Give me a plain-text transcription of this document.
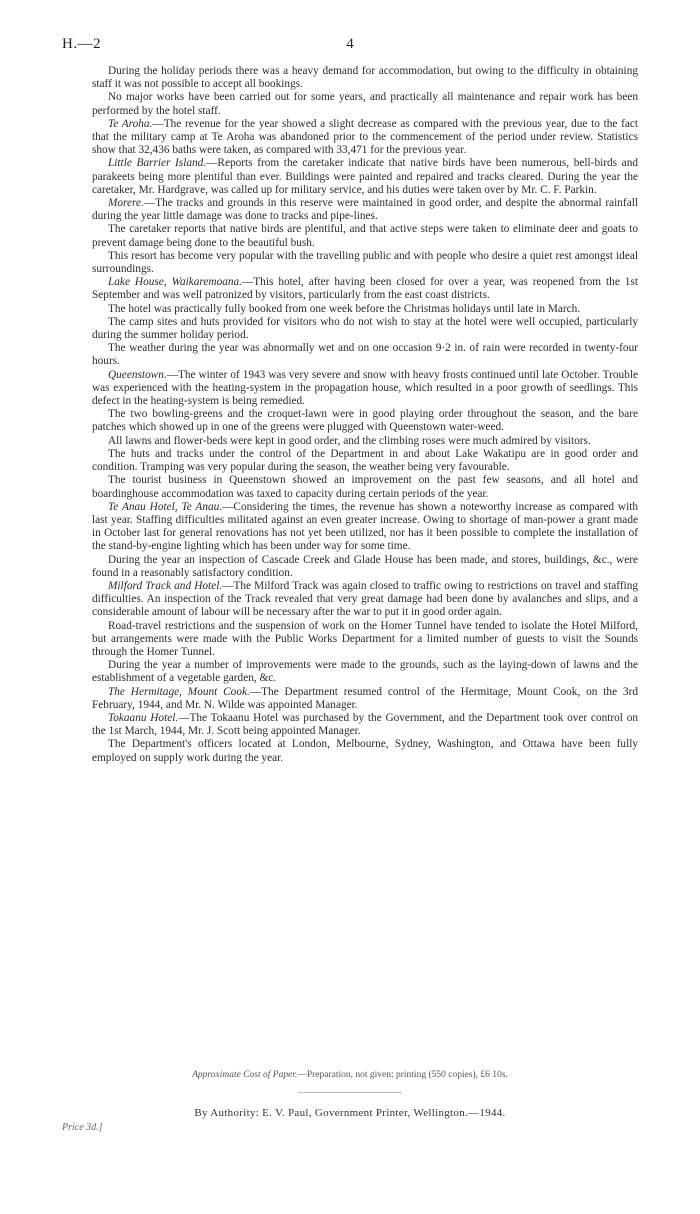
H.—2	4

During the holiday periods there was a heavy demand for accommodation, but owing to the difficulty in obtaining staff it was not possible to accept all bookings.

No major works have been carried out for some years, and practically all maintenance and repair work has been performed by the hotel staff.

Te Aroha.—The revenue for the year showed a slight decrease as compared with the previous year, due to the fact that the military camp at Te Aroha was abandoned prior to the commencement of the period under review. Statistics show that 32,436 baths were taken, as compared with 33,471 for the previous year.

Little Barrier Island.—Reports from the caretaker indicate that native birds have been numerous, bell-birds and parakeets being more plentiful than ever. Buildings were painted and repaired and tracks cleared. During the year the caretaker, Mr. Hardgrave, was called up for military service, and his duties were taken over by Mr. C. F. Parkin.

Morere.—The tracks and grounds in this reserve were maintained in good order, and despite the abnormal rainfall during the year little damage was done to tracks and pipe-lines.

The caretaker reports that native birds are plentiful, and that active steps were taken to eliminate deer and goats to prevent damage being done to the beautiful bush.

This resort has become very popular with the travelling public and with people who desire a quiet rest amongst ideal surroundings.

Lake House, Waikaremoana.—This hotel, after having been closed for over a year, was reopened from the 1st September and was well patronized by visitors, particularly from the east coast districts.

The hotel was practically fully booked from one week before the Christmas holidays until late in March.

The camp sites and huts provided for visitors who do not wish to stay at the hotel were well occupied, particularly during the summer holiday period.

The weather during the year was abnormally wet and on one occasion 9·2 in. of rain were recorded in twenty-four hours.

Queenstown.—The winter of 1943 was very severe and snow with heavy frosts continued until late October. Trouble was experienced with the heating-system in the propagation house, which resulted in a poor growth of seedlings. This defect in the heating-system is being remedied.

The two bowling-greens and the croquet-lawn were in good playing order throughout the season, and the bare patches which showed up in one of the greens were plugged with Queenstown water-weed.

All lawns and flower-beds were kept in good order, and the climbing roses were much admired by visitors.

The huts and tracks under the control of the Department in and about Lake Wakatipu are in good order and condition. Tramping was very popular during the season, the weather being very favourable.

The tourist business in Queenstown showed an improvement on the past few seasons, and all hotel and boardinghouse accommodation was taxed to capacity during certain periods of the year.

Te Anau Hotel, Te Anau.—Considering the times, the revenue has shown a noteworthy increase as compared with last year. Staffing difficulties militated against an even greater increase. Owing to shortage of man-power a grant made in October last for general renovations has not yet been utilized, nor has it been possible to complete the installation of the stand-by-engine lighting which has been under way for some time.

During the year an inspection of Cascade Creek and Glade House has been made, and stores, buildings, &c., were found in a reasonably satisfactory condition.

Milford Track and Hotel.—The Milford Track was again closed to traffic owing to restrictions on travel and staffing difficulties. An inspection of the Track revealed that very great damage had been done by avalanches and slips, and a considerable amount of labour will be necessary after the war to put it in good order again.

Road-travel restrictions and the suspension of work on the Homer Tunnel have tended to isolate the Hotel Milford, but arrangements were made with the Public Works Department for a limited number of guests to visit the Sounds through the Homer Tunnel.

During the year a number of improvements were made to the grounds, such as the laying-down of lawns and the establishment of a vegetable garden, &c.

The Hermitage, Mount Cook.—The Department resumed control of the Hermitage, Mount Cook, on the 3rd February, 1944, and Mr. N. Wilde was appointed Manager.

Tokaanu Hotel.—The Tokaanu Hotel was purchased by the Government, and the Department took over control on the 1st March, 1944, Mr. J. Scott being appointed Manager.

The Department's officers located at London, Melbourne, Sydney, Washington, and Ottawa have been fully employed on supply work during the year.

Approximate Cost of Paper.—Preparation, not given; printing (550 copies), £6 10s.
By Authority: E. V. Paul, Government Printer, Wellington.—1944.
Price 3d.]
